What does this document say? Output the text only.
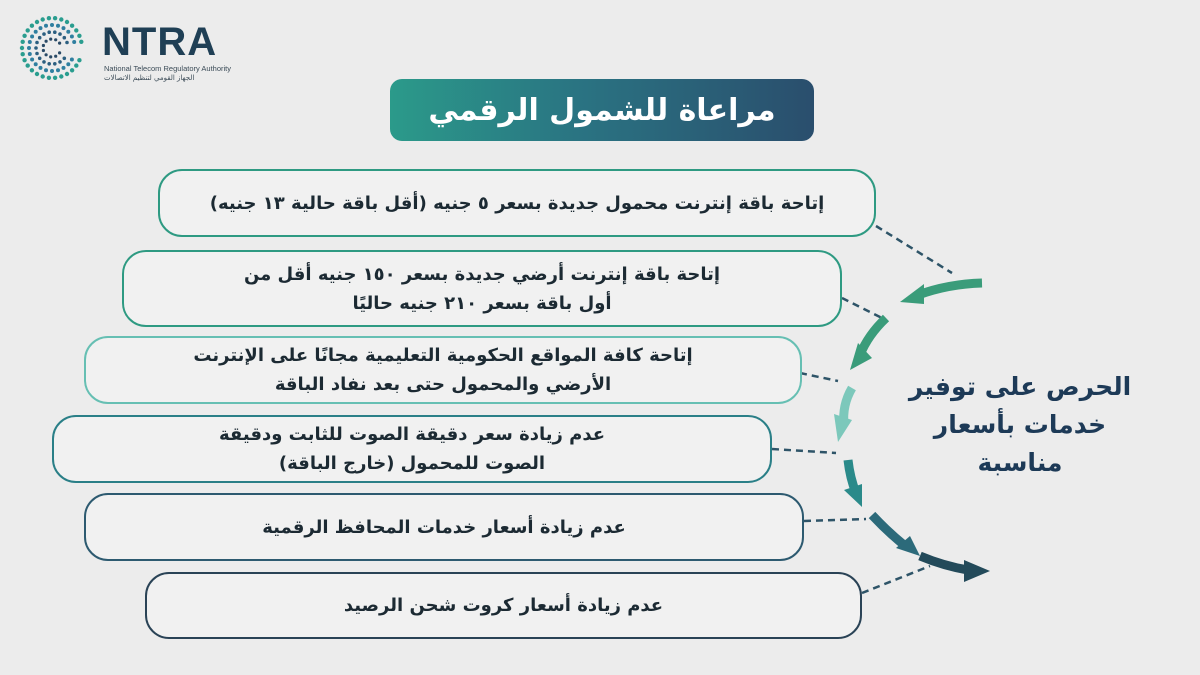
NTRA
National Telecom Regulatory Authority
الجهاز القومي لتنظيم الاتصالات
مراعاة للشمول الرقمي
إتاحة باقة إنترنت محمول جديدة بسعر ٥ جنيه (أقل باقة حالية ١٣ جنيه)
إتاحة باقة إنترنت أرضي جديدة بسعر ١٥٠ جنيه أقل من
أول باقة بسعر ٢١٠ جنيه حاليًا
إتاحة كافة المواقع الحكومية التعليمية مجانًا على الإنترنت
الأرضي والمحمول حتى بعد نفاد الباقة
عدم زيادة سعر دقيقة الصوت للثابت ودقيقة
الصوت للمحمول (خارج الباقة)
عدم زيادة أسعار خدمات المحافظ الرقمية
عدم زيادة أسعار كروت شحن الرصيد
الحرص على توفير
خدمات بأسعار
مناسبة
